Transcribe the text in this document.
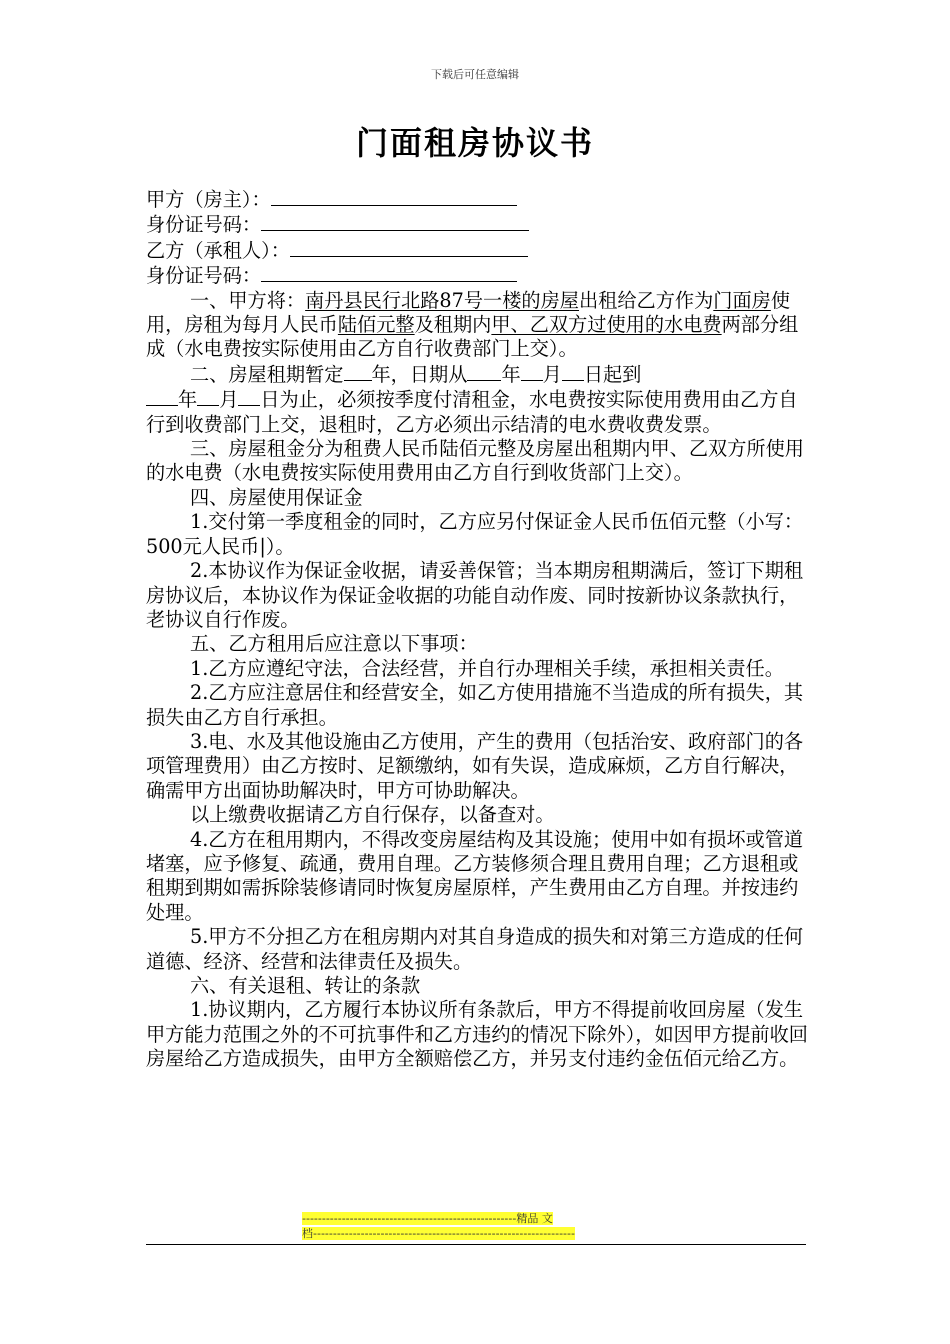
下载后可任意编辑
门面租房协议书

甲方（房主）：

身份证号码：

乙方（承租人）：

身份证号码：

一、甲方将：南丹县民行北路87号一楼的房屋出租给乙方作为门面房使用，房租为每月人民币陆佰元整及租期内甲、乙双方过使用的水电费两部分组成（水电费按实际使用由乙方自行收费部门上交）。

二、房屋租期暂定 年，日期从 年 月 日起到
年 月 日为止，必须按季度付清租金，水电费按实际使用费用由乙方自行到收费部门上交，退租时，乙方必须出示结清的电水费收费发票。

三、房屋租金分为租费人民币陆佰元整及房屋出租期内甲、乙双方所使用的水电费（水电费按实际使用费用由乙方自行到收货部门上交）。

四、房屋使用保证金

1.交付第一季度租金的同时，乙方应另付保证金人民币伍佰元整（小写：500元人民币|）。

2.本协议作为保证金收据，请妥善保管；当本期房租期满后，签订下期租房协议后，本协议作为保证金收据的功能自动作废、同时按新协议条款执行，老协议自行作废。

五、乙方租用后应注意以下事项：

1.乙方应遵纪守法，合法经营，并自行办理相关手续，承担相关责任。

2.乙方应注意居住和经营安全，如乙方使用措施不当造成的所有损失，其损失由乙方自行承担。

3.电、水及其他设施由乙方使用，产生的费用（包括治安、政府部门的各项管理费用）由乙方按时、足额缴纳，如有失误，造成麻烦，乙方自行解决，确需甲方出面协助解决时，甲方可协助解决。

以上缴费收据请乙方自行保存，以备查对。

4.乙方在租用期内，不得改变房屋结构及其设施；使用中如有损坏或管道堵塞，应予修复、疏通，费用自理。乙方装修须合理且费用自理；乙方退租或租期到期如需拆除装修请同时恢复房屋原样，产生费用由乙方自理。并按违约处理。

5.甲方不分担乙方在租房期内对其自身造成的损失和对第三方造成的任何道德、经济、经营和法律责任及损失。

六、有关退租、转让的条款

1.协议期内，乙方履行本协议所有条款后，甲方不得提前收回房屋（发生甲方能力范围之外的不可抗事件和乙方违约的情况下除外），如因甲方提前收回房屋给乙方造成损失，由甲方全额赔偿乙方，并另支付违约金伍佰元给乙方。

------------------------------------------------------精品 文
档------------------------------------------------------------------
